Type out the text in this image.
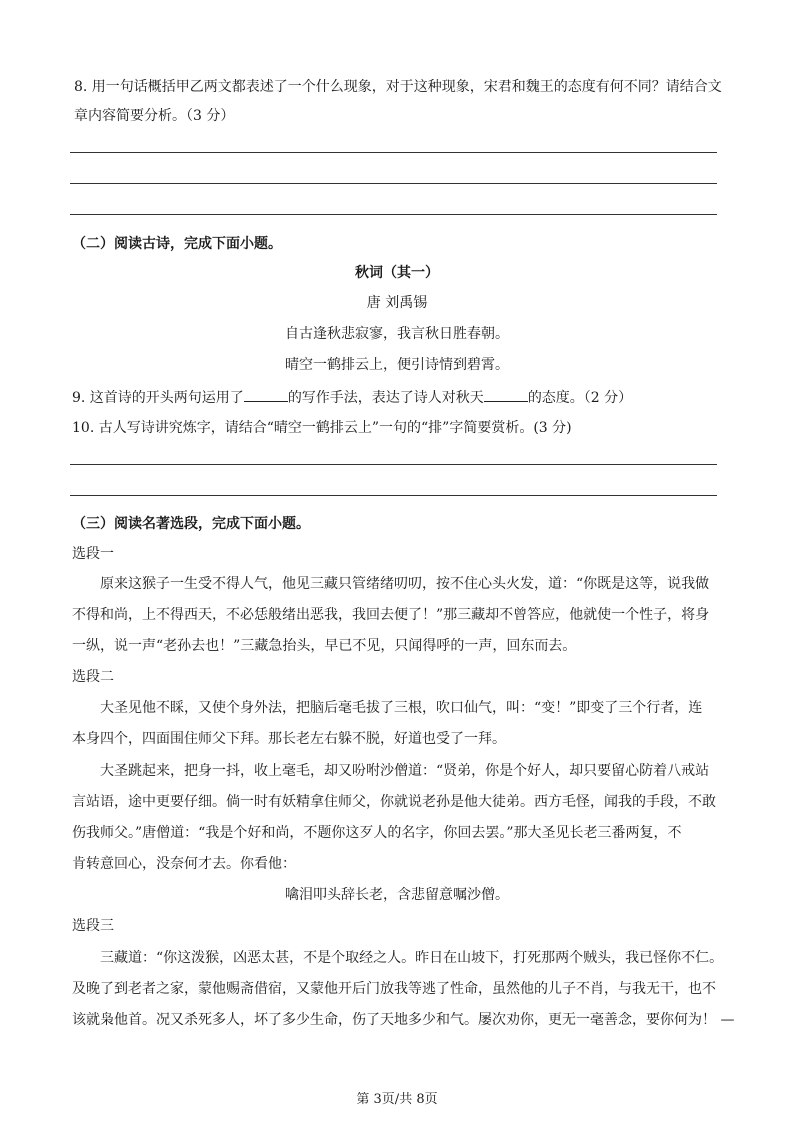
8. 用一句话概括甲乙两文都表述了一个什么现象，对于这种现象，宋君和魏王的态度有何不同？请结合文
章内容简要分析。（3 分）
（二）阅读古诗，完成下面小题。
秋词（其一）
唐 刘禹锡
自古逢秋悲寂寥，我言秋日胜春朝。
晴空一鹤排云上，便引诗情到碧霄。
9. 这首诗的开头两句运用了	的写作手法，表达了诗人对秋天	的态度。（2 分）
10. 古人写诗讲究炼字，请结合“晴空一鹤排云上”一句的“排”字简要赏析。(3 分)
（三）阅读名著选段，完成下面小题。
选段一
原来这猴子一生受不得人气，他见三藏只管绪绪叨叨，按不住心头火发，道：“你既是这等，说我做
不得和尚，上不得西天，不必恁般绪出恶我，我回去便了！”那三藏却不曾答应，他就使一个性子，将身
一纵，说一声“老孙去也！”三藏急抬头，早已不见，只闻得呼的一声，回东而去。
选段二
大圣见他不睬，又使个身外法，把脑后毫毛拔了三根，吹口仙气，叫：“变！”即变了三个行者，连
本身四个，四面围住师父下拜。那长老左右躲不脱，好道也受了一拜。
大圣跳起来，把身一抖，收上毫毛，却又吩咐沙僧道：“贤弟，你是个好人，却只要留心防着八戒站
言站语，途中更要仔细。倘一时有妖精拿住师父，你就说老孙是他大徒弟。西方毛怪，闻我的手段，不敢
伤我师父。”唐僧道：“我是个好和尚，不题你这歹人的名字，你回去罢。”那大圣见长老三番两复，不
肯转意回心，没奈何才去。你看他：
噙泪叩头辞长老，含悲留意嘱沙僧。
选段三
三藏道：“你这泼猴，凶恶太甚，不是个取经之人。昨日在山坡下，打死那两个贼头，我已怪你不仁。
及晚了到老者之家，蒙他赐斋借宿，又蒙他开后门放我等逃了性命，虽然他的儿子不肖，与我无干，也不
该就枭他首。况又杀死多人，坏了多少生命，伤了天地多少和气。屡次劝你，更无一毫善念，要你何为！ —
第 3页/共 8页
